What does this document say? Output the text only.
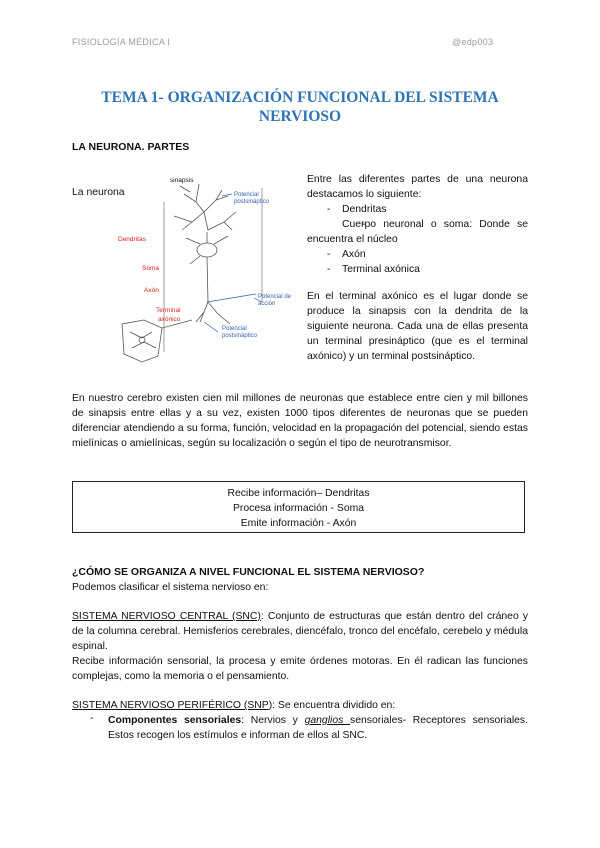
FISIOLOGÍA MÉDICA I	@edp003
TEMA 1- ORGANIZACIÓN FUNCIONAL DEL SISTEMA
NERVIOSO
LA NEURONA. PARTES
La neurona
sinapsis
Potencial
postsináptico
Dendritas
Soma
Axón
Terminal
axónico
Potencial de
acción
Potencial
postsináptico
Entre las diferentes partes de una neurona destacamos lo siguiente:
- Dendritas
- Cuerpo neuronal o soma: Donde se encuentra el núcleo
- Axón
- Terminal axónica
En el terminal axónico es el lugar donde se produce la sinapsis con la dendrita de la siguiente neurona. Cada una de ellas presenta un terminal presináptico (que es el terminal axónico) y un terminal postsináptico.
En nuestro cerebro existen cien mil millones de neuronas que establece entre cien y mil billones de sinapsis entre ellas y a su vez, existen 1000 tipos diferentes de neuronas que se pueden diferenciar atendiendo a su forma, función, velocidad en la propagación del potencial, siendo estas mielínicas o amielínicas, según su localización o según el tipo de neurotransmisor.
Recibe información– Dendritas
Procesa información - Soma
Emite información - Axón
¿CÓMO SE ORGANIZA A NIVEL FUNCIONAL EL SISTEMA NERVIOSO?
Podemos clasificar el sistema nervioso en:
SISTEMA NERVIOSO CENTRAL (SNC): Conjunto de estructuras que están dentro del cráneo y de la columna cerebral. Hemisferios cerebrales, diencéfalo, tronco del encéfalo, cerebelo y médula espinal.
Recibe información sensorial, la procesa y emite órdenes motoras. En él radican las funciones complejas, como la memoria o el pensamiento.
SISTEMA NERVIOSO PERIFÉRICO (SNP): Se encuentra dividido en:
- Componentes sensoriales: Nervios y ganglios sensoriales- Receptores sensoriales. Estos recogen los estímulos e informan de ellos al SNC.
